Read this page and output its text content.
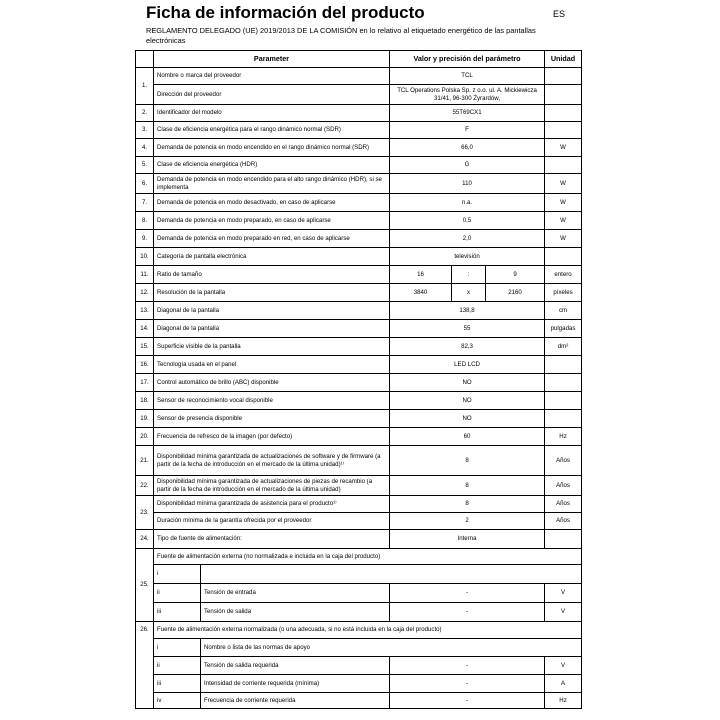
Ficha de información del producto	ES
REGLAMENTO DELEGADO (UE) 2019/2013 DE LA COMISIÓN en lo relativo al etiquetado energético de las pantallas electrónicas
	Parameter		Valor y precisión del parámetro			Unidad
1.	Nombre o marca del proveedor		TCL			
	Dirección del proveedor		TCL Operations Polska Sp. z o.o. ul. A. Mickiewicza 31/41, 96-300 Żyrardów,			
2.	Identificador del modelo		55T69CX1			
3.	Clase de eficiencia energética para el rango dinámico normal (SDR)		F			
4.	Demanda de potencia en modo encendido en el rango dinámico normal (SDR)		66,0			W
5.	Clase de eficiencia energética (HDR)		G			
6.	Demanda de potencia en modo encendido para el alto rango dinámico (HDR), si se implementa		110			W
7.	Demanda de potencia en modo desactivado, en caso de aplicarse		n.a.			W
8.	Demanda de potencia en modo preparado, en caso de aplicarse		0,5			W
9.	Demanda de potencia en modo preparado en red, en caso de aplicarse		2,0			W
10.	Categoría de pantalla electrónica		televisión			
11.	Ratio de tamaño		16	:	9	entero
12.	Resolución de la pantalla		3840	x	2160	píxeles
13.	Diagonal de la pantalla		138,8			cm
14.	Diagonal de la pantalla		55			pulgadas
15.	Superficie visible de la pantalla		82,3			dm²
16.	Tecnología usada en el panel		LED LCD			
17.	Control automático de brillo (ABC) disponible		NO			
18.	Sensor de reconocimiento vocal disponible		NO			
19.	Sensor de presencia disponible		NO			
20.	Frecuencia de refresco de la imagen (por defecto)		60			Hz
21.	Disponibilidad mínima garantizada de actualizaciones de software y de firmware (a partir de la fecha de introducción en el mercado de la última unidad)¹⁾		8			Años
22.	Disponibilidad mínima garantizada de actualizaciones de piezas de recambio (a partir de la fecha de introducción en el mercado de la última unidad)		8			Años
23.	Disponibilidad mínima garantizada de asistencia para el producto¹⁾		8			Años
	Duración mínima de la garantía ofrecida por el proveedor		2			Años
24.	Tipo de fuente de alimentación:		Interna			
25.	Fuente de alimentación externa (no normalizada e incluida en la caja del producto)					
	i					
	ii	Tensión de entrada	-			V
	iii	Tensión de salida	-			V
26.	Fuente de alimentación externa normalizada (o una adecuada, si no está incluida en la caja del producto)					
	i	Nombre o lista de las normas de apoyo				
	ii	Tensión de salida requerida	-			V
	iii	Intensidad de corriente requerida (mínima)	-			A
	iv	Frecuencia de corriente requerida	-			Hz
